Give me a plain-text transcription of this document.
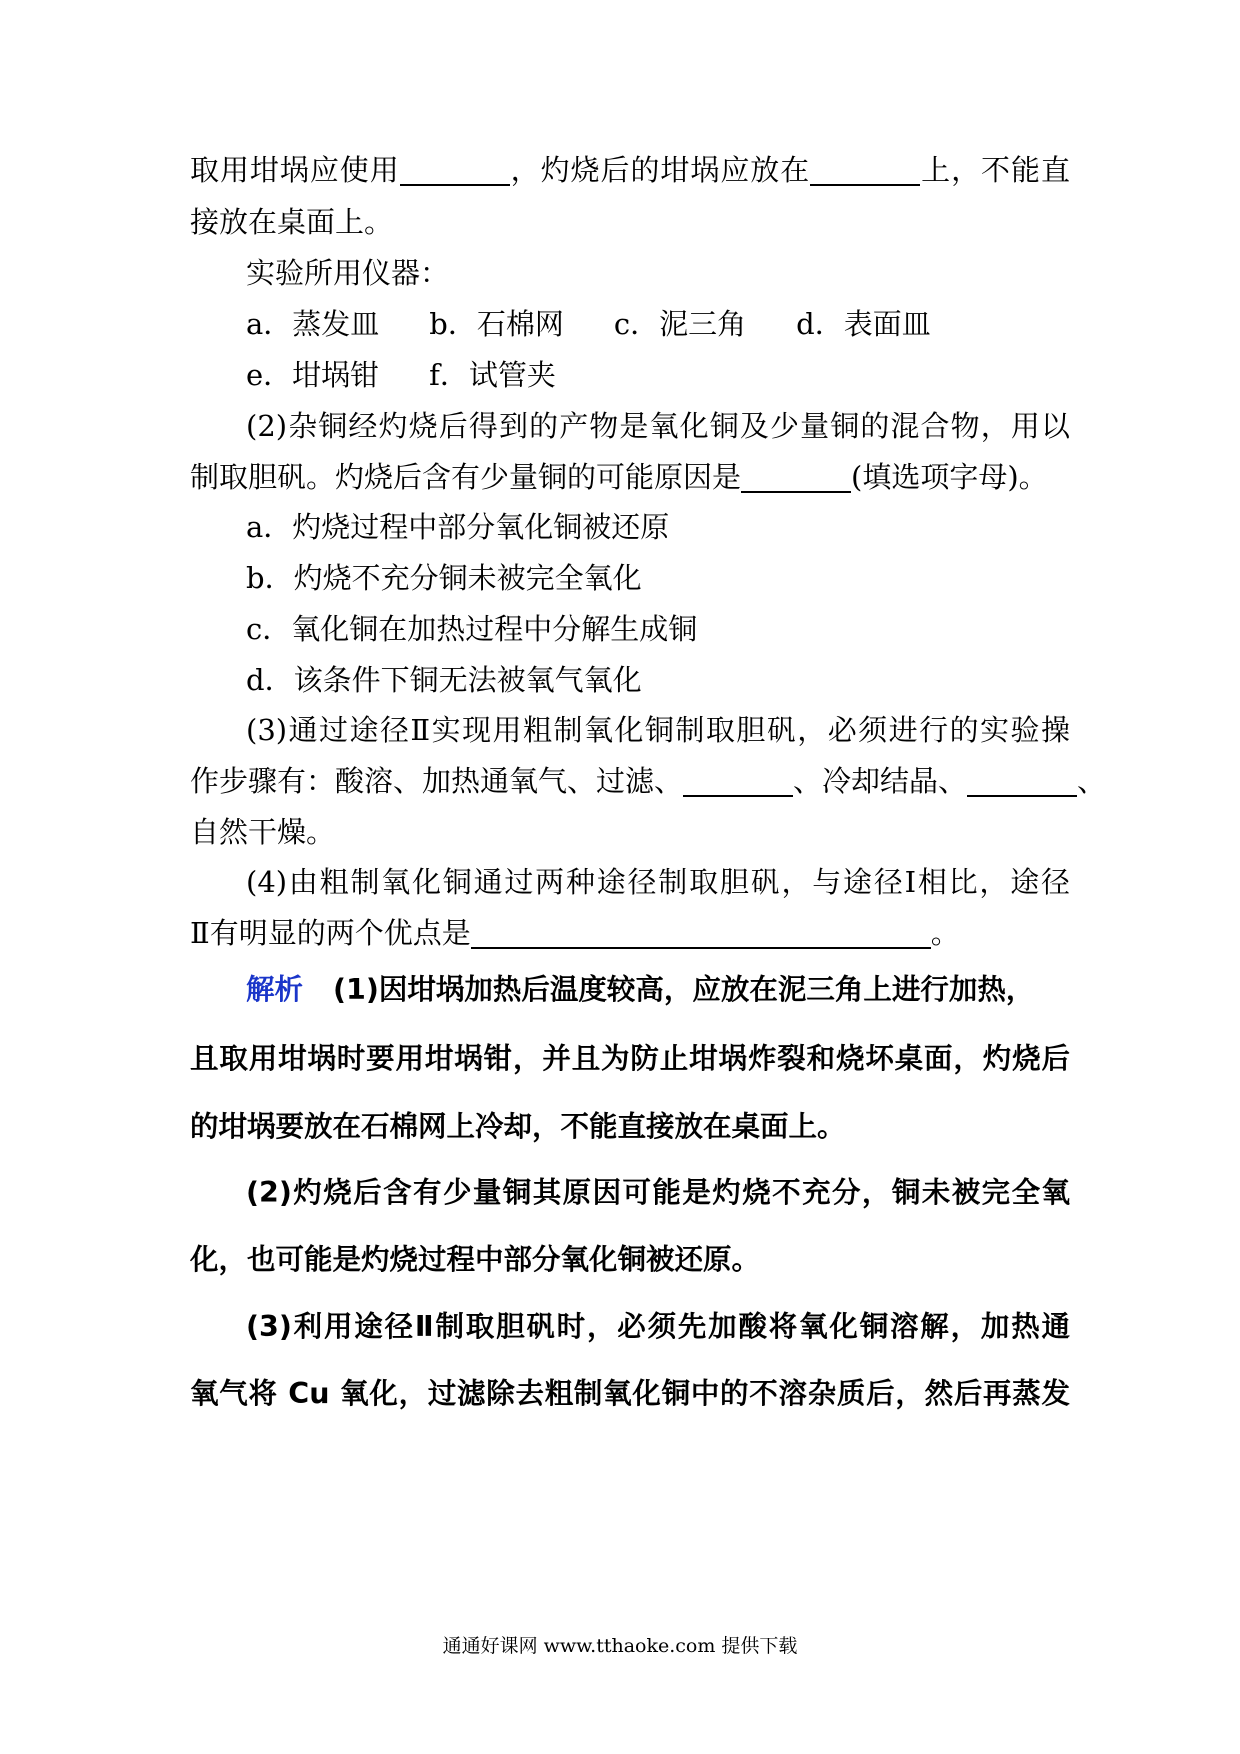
取用坩埚应使用	，灼烧后的坩埚应放在	上，不能直
接放在桌面上。
实验所用仪器：
a．蒸发皿 b．石棉网 c．泥三角 d．表面皿
e．坩埚钳 f．试管夹
(2)杂铜经灼烧后得到的产物是氧化铜及少量铜的混合物，用以
制取胆矾。灼烧后含有少量铜的可能原因是	(填选项字母)。
a．灼烧过程中部分氧化铜被还原
b．灼烧不充分铜未被完全氧化
c．氧化铜在加热过程中分解生成铜
d．该条件下铜无法被氧气氧化
(3)通过途径Ⅱ实现用粗制氧化铜制取胆矾，必须进行的实验操
作步骤有：酸溶、加热通氧气、过滤、	、冷却结晶、	、
自然干燥。
(4)由粗制氧化铜通过两种途径制取胆矾，与途径Ⅰ相比，途径
Ⅱ有明显的两个优点是	。
解析 (1)因坩埚加热后温度较高，应放在泥三角上进行加热，
且取用坩埚时要用坩埚钳，并且为防止坩埚炸裂和烧坏桌面，灼烧后
的坩埚要放在石棉网上冷却，不能直接放在桌面上。
(2)灼烧后含有少量铜其原因可能是灼烧不充分，铜未被完全氧
化，也可能是灼烧过程中部分氧化铜被还原。
(3)利用途径Ⅱ制取胆矾时，必须先加酸将氧化铜溶解，加热通
氧气将 Cu 氧化，过滤除去粗制氧化铜中的不溶杂质后，然后再蒸发
通通好课网 www.tthaoke.com 提供下载
